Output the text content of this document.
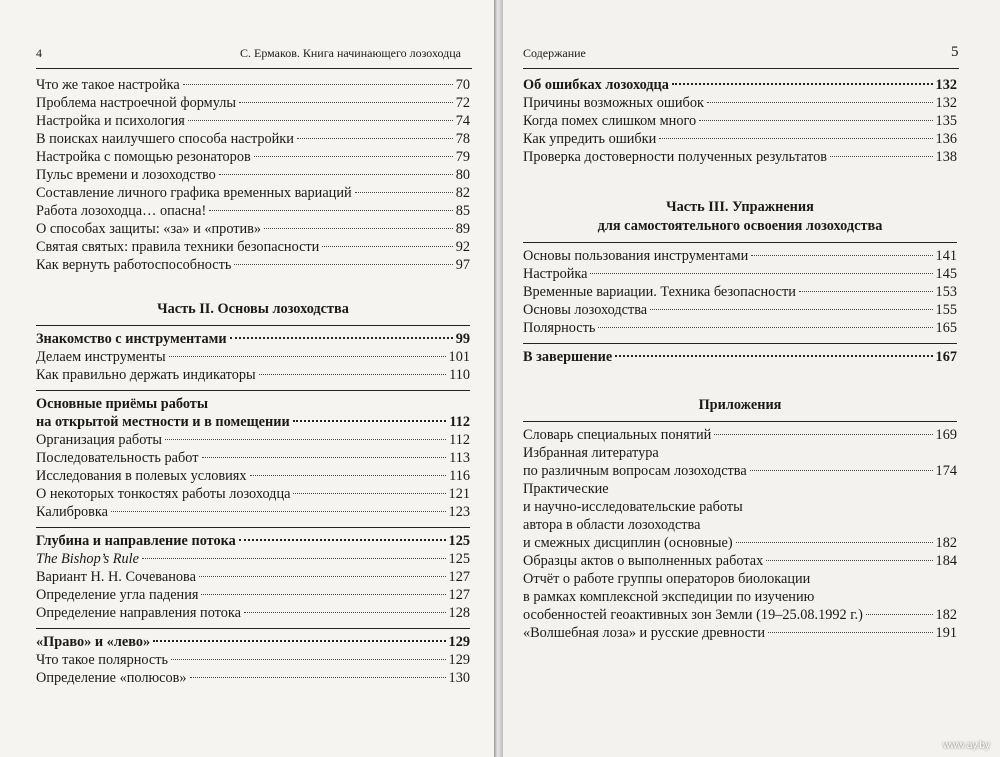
4	С. Ермаков. Книга начинающего лозоходца
Что же такое настройка	70
Проблема настроечной формулы	72
Настройка и психология	74
В поисках наилучшего способа настройки	78
Настройка с помощью резонаторов	79
Пульс времени и лозоходство	80
Составление личного графика временных вариаций	82
Работа лозоходца… опасна!	85
О способах защиты: «за» и «против»	89
Святая святых: правила техники безопасности	92
Как вернуть работоспособность	97
Часть II. Основы лозоходства
Знакомство с инструментами	99
Делаем инструменты	101
Как правильно держать индикаторы	110
Основные приёмы работы
на открытой местности и в помещении	112
Организация работы	112
Последовательность работ	113
Исследования в полевых условиях	116
О некоторых тонкостях работы лозоходца	121
Калибровка	123
Глубина и направление потока	125
The Bishop’s Rule	125
Вариант Н. Н. Сочеванова	127
Определение угла падения	127
Определение направления потока	128
«Право» и «лево»	129
Что такое полярность	129
Определение «полюсов»	130
Содержание	5
Об ошибках лозоходца	132
Причины возможных ошибок	132
Когда помех слишком много	135
Как упредить ошибки	136
Проверка достоверности полученных результатов	138
Часть III. Упражнения
для самостоятельного освоения лозоходства
Основы пользования инструментами	141
Настройка	145
Временные вариации. Техника безопасности	153
Основы лозоходства	155
Полярность	165
В завершение	167
Приложения
Словарь специальных понятий	169
Избранная литература
по различным вопросам лозоходства	174
Практические
и научно-исследовательские работы
автора в области лозоходства
и смежных дисциплин (основные)	182
Образцы актов о выполненных работах	184
Отчёт о работе группы операторов биолокации
в рамках комплексной экспедиции по изучению
особенностей геоактивных зон Земли (19–25.08.1992 г.)	182
«Волшебная лоза» и русские древности	191
www.ay.by
